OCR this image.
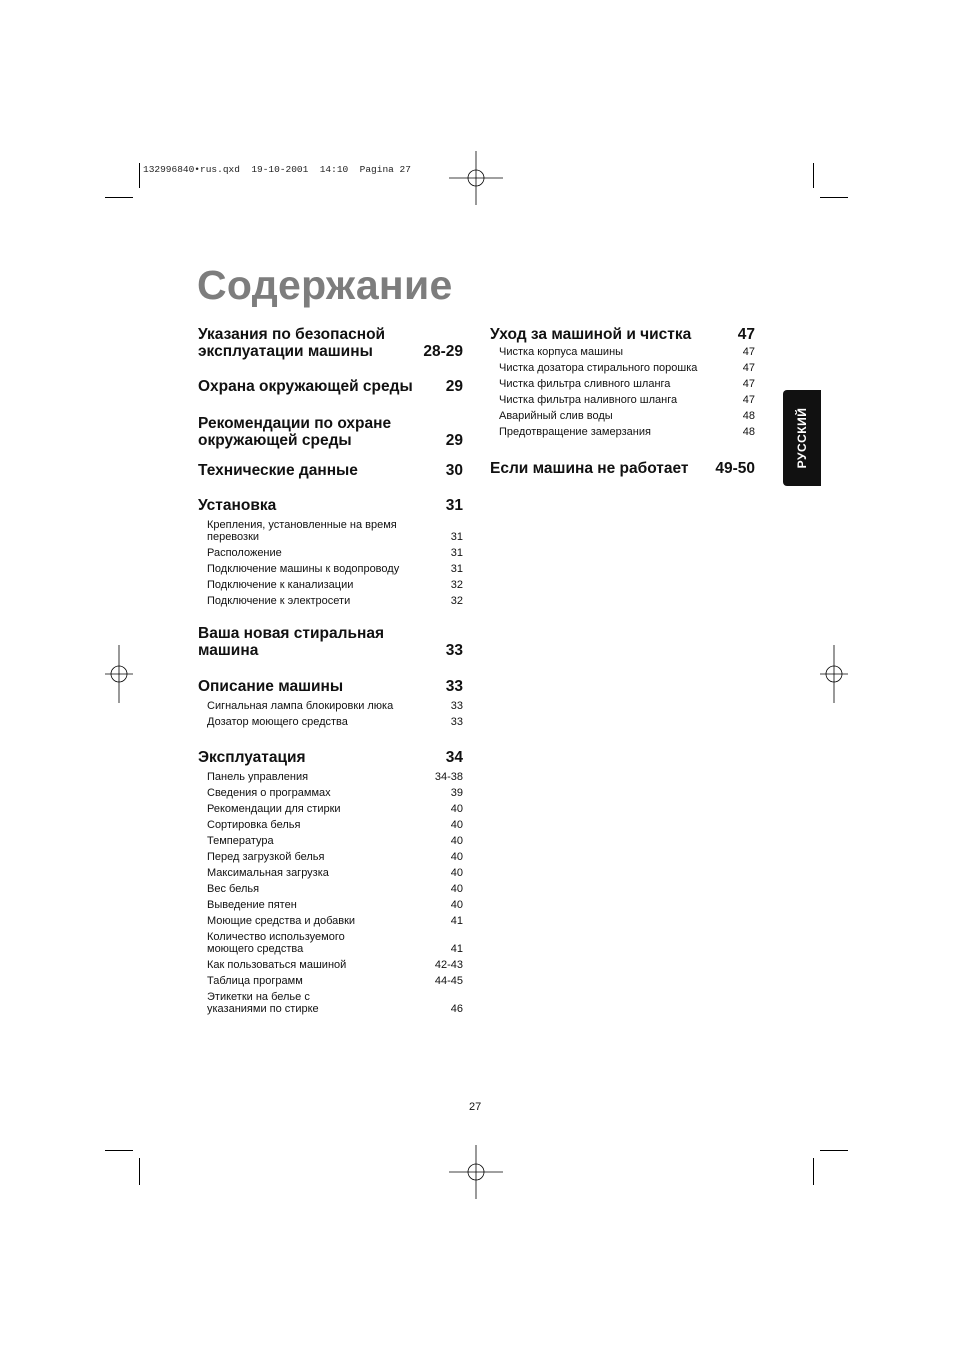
132996840•rus.qxd  19-10-2001  14:10  Pagina 27
Содержание
РУССКИЙ
Указания по безопасной
эксплуатации машины	28-29
Охрана окружающей среды	29
Рекомендации по охране
окружающей среды	29
Технические данные	30
Установка	31
Крепления, установленные на время
перевозки	31
Расположение	31
Подключение машины к водопроводу	31
Подключение к канализации	32
Подключение к электросети	32
Ваша новая стиральная
машина	33
Описание машины	33
Сигнальная лампа блокировки люка	33
Дозатор моющего средства	33
Эксплуатация	34
Панель управления	34-38
Сведения о программах	39
Рекомендации для стирки	40
Сортировка белья	40
Температура	40
Перед загрузкой белья	40
Максимальная загрузка	40
Вес белья	40
Выведение пятен	40
Моющие средства и добавки	41
Количество используемого
моющего средства	41
Как пользоваться машиной	42-43
Таблица программ	44-45
Этикетки на белье с
указаниями по стирке	46
Уход за машиной и чистка	47
Чистка корпуса машины	47
Чистка дозатора стирального порошка	47
Чистка фильтра сливного шланга	47
Чистка фильтра наливного шланга	47
Аварийный слив воды	48
Предотвращение замерзания	48
Если машина не работает	49-50
27
